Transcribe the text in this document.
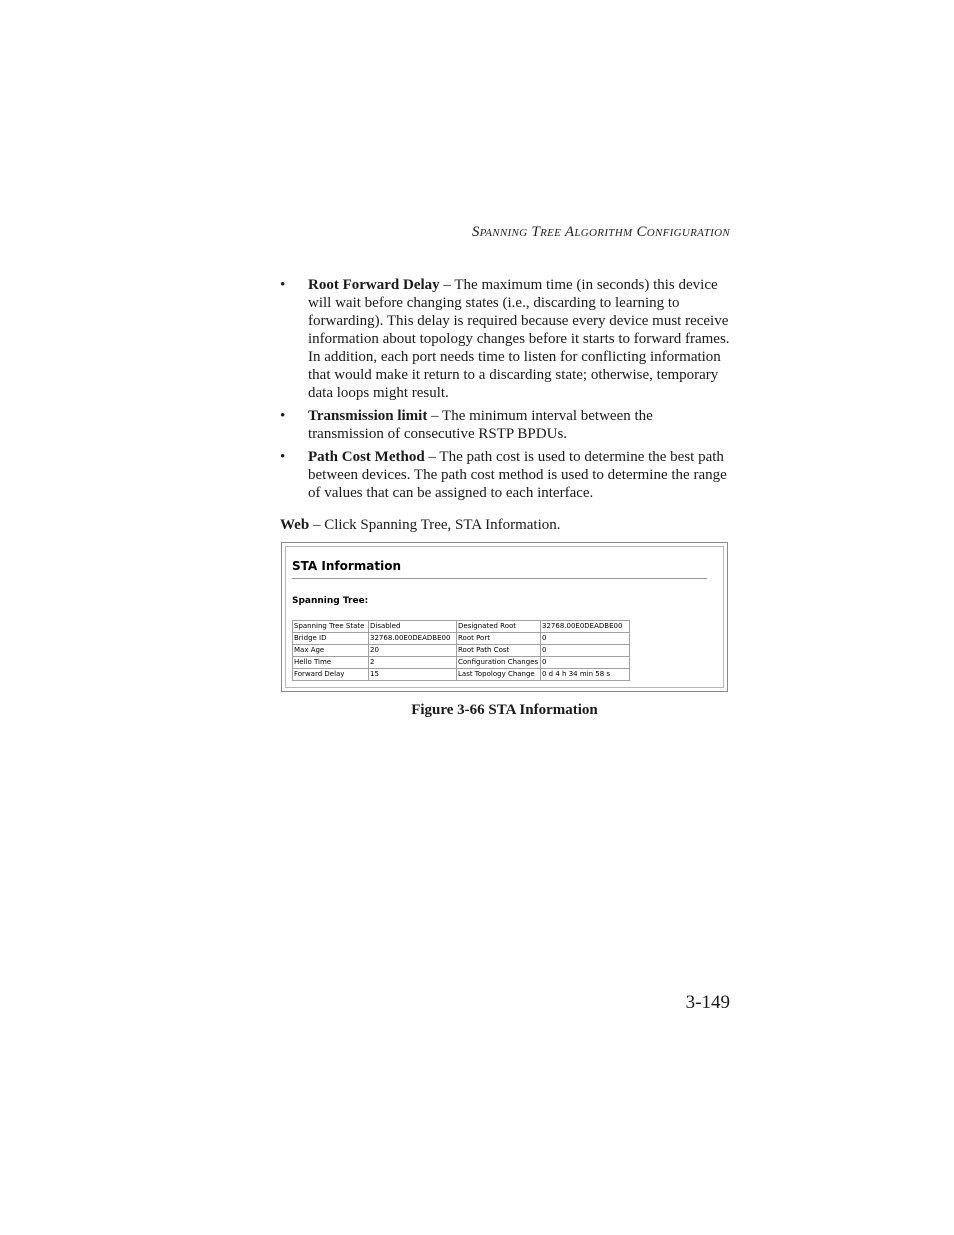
Spanning Tree Algorithm Configuration
• Root Forward Delay – The maximum time (in seconds) this device will wait before changing states (i.e., discarding to learning to forwarding). This delay is required because every device must receive information about topology changes before it starts to forward frames. In addition, each port needs time to listen for conflicting information that would make it return to a discarding state; otherwise, temporary data loops might result.
• Transmission limit – The minimum interval between the transmission of consecutive RSTP BPDUs.
• Path Cost Method – The path cost is used to determine the best path between devices. The path cost method is used to determine the range of values that can be assigned to each interface.
Web – Click Spanning Tree, STA Information.
STA Information
Spanning Tree:
Spanning Tree State	Disabled	Designated Root	32768.00E0DEADBE00
Bridge ID	32768.00E0DEADBE00	Root Port	0
Max Age	20	Root Path Cost	0
Hello Time	2	Configuration Changes	0
Forward Delay	15	Last Topology Change	0 d 4 h 34 min 58 s
Figure 3-66 STA Information
3-149
